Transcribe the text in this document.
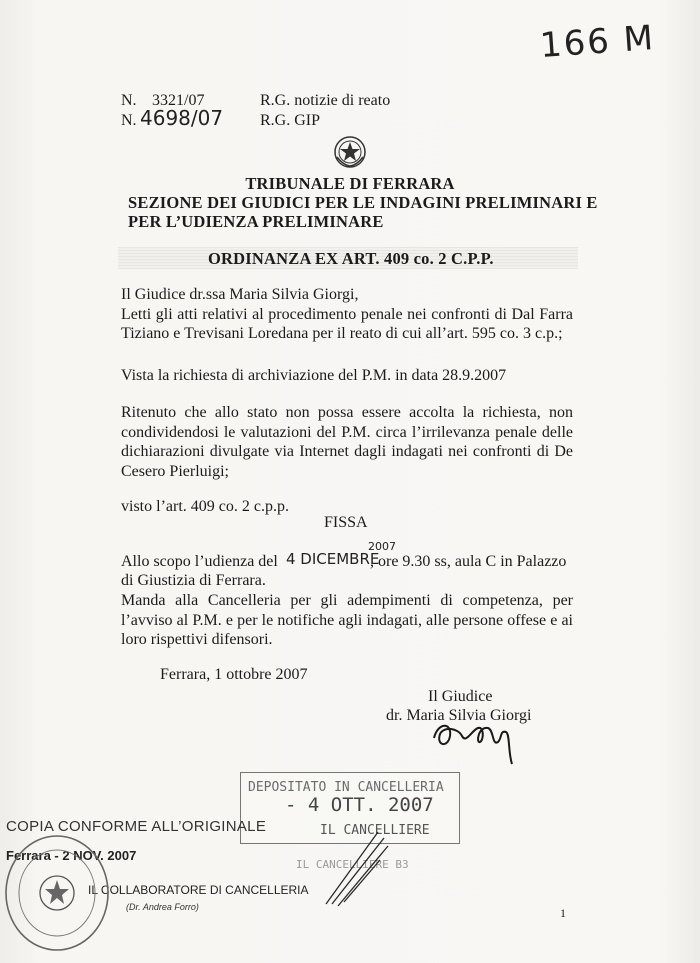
166 M
N. 3321/07
N. 4698/07
R.G. notizie di reato
R.G. GIP
TRIBUNALE DI FERRARA
SEZIONE DEI GIUDICI PER LE INDAGINI PRELIMINARI E
PER L’UDIENZA PRELIMINARE
ORDINANZA EX ART. 409 co. 2 C.P.P.
Il Giudice dr.ssa Maria Silvia Giorgi,
Letti gli atti relativi al procedimento penale nei confronti di Dal Farra
Tiziano e Trevisani Loredana per il reato di cui all’art. 595 co. 3 c.p.;
Vista la richiesta di archiviazione del P.M. in data 28.9.2007
Ritenuto che allo stato non possa essere accolta la richiesta, non
condividendosi le valutazioni del P.M. circa l’irrilevanza penale delle
dichiarazioni divulgate via Internet dagli indagati nei confronti di De
Cesero Pierluigi;
visto l’art. 409 co. 2 c.p.p.
FISSA
Allo scopo l’udienza del 4 DICEMBRE
2007
, ore 9.30 ss, aula C in Palazzo
di Giustizia di Ferrara.
Manda alla Cancelleria per gli adempimenti di competenza, per
l’avviso al P.M. e per le notifiche agli indagati, alle persone offese e ai
loro rispettivi difensori.
Ferrara, 1 ottobre 2007
Il Giudice
dr. Maria Silvia Giorgi
DEPOSITATO IN CANCELLERIA
- 4 OTT. 2007
IL CANCELLIERE
IL CANCELLIERE B3
COPIA CONFORME ALL’ORIGINALE
Ferrara - 2 NOV. 2007
IL COLLABORATORE DI CANCELLERIA
(Dr. Andrea Forro)	1
